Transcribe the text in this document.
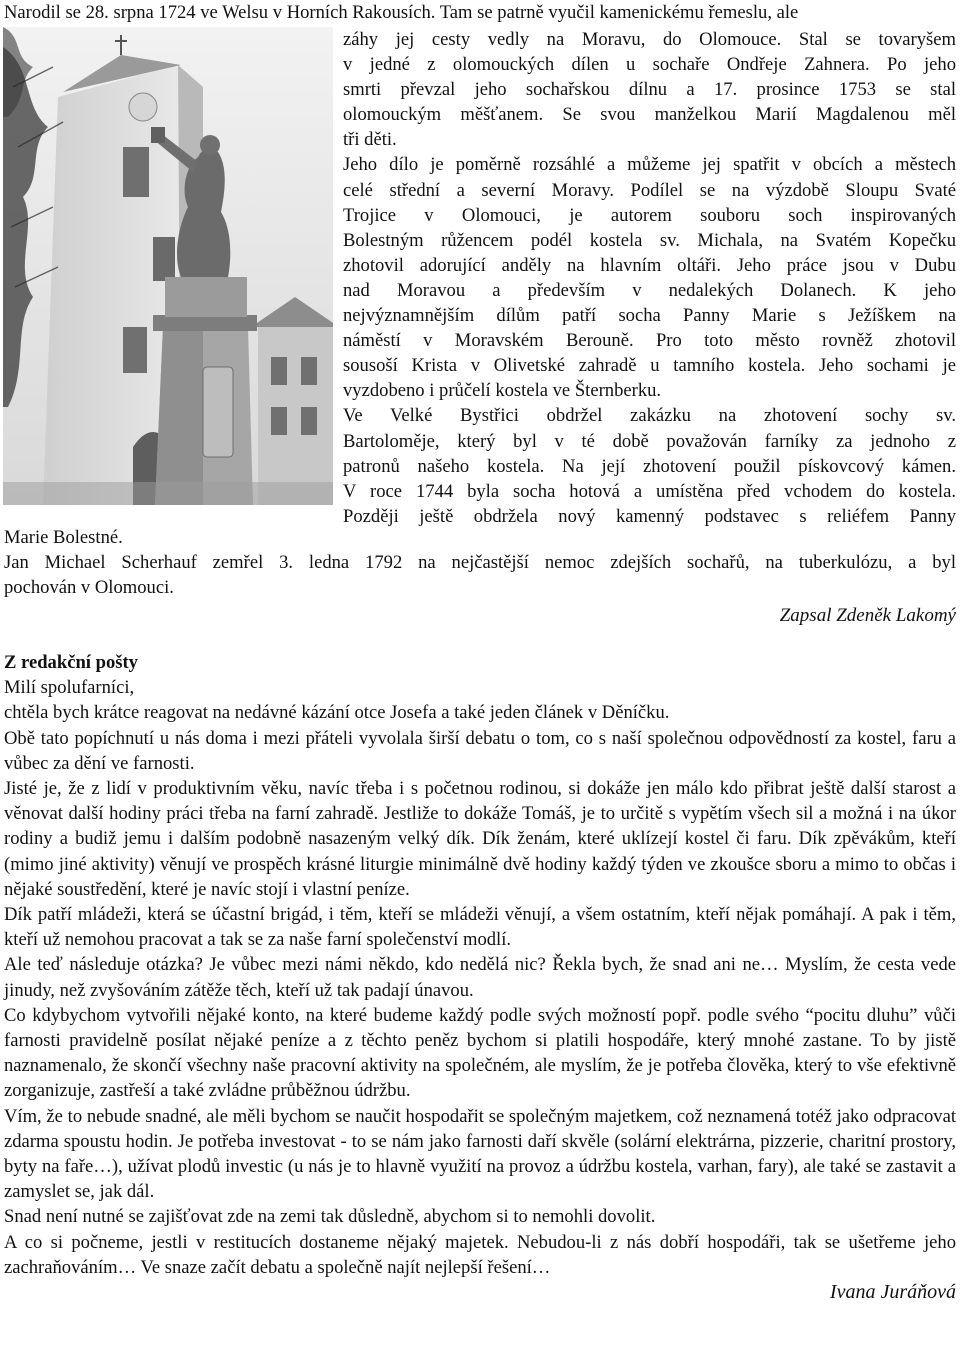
Narodil se 28. srpna 1724 ve Welsu v Horních Rakousích. Tam se patrně vyučil kamenickému řemeslu, ale

záhy jej cesty vedly na Moravu, do Olomouce. Stal se tovaryšem

v jedné z olomouckých dílen u sochaře Ondřeje Zahnera. Po jeho

smrti převzal jeho sochařskou dílnu a 17. prosince 1753 se stal

olomouckým měšťanem. Se svou manželkou Marií Magdalenou měl

tři děti.

Jeho dílo je poměrně rozsáhlé a můžeme jej spatřit v obcích a městech

celé střední a severní Moravy. Podílel se na výzdobě Sloupu Svaté

Trojice v Olomouci, je autorem souboru soch inspirovaných

Bolestným růžencem podél kostela sv. Michala, na Svatém Kopečku

zhotovil adorující anděly na hlavním oltáři. Jeho práce jsou v Dubu

nad Moravou a především v nedalekých Dolanech. K jeho

nejvýznamnějším dílům patří socha Panny Marie s Ježíškem na

náměstí v Moravském Berouně. Pro toto město rovněž zhotovil

sousoší Krista v Olivetské zahradě u tamního kostela. Jeho sochami je

vyzdobeno i průčelí kostela ve Šternberku.

Ve Velké Bystřici obdržel zakázku na zhotovení sochy sv.

Bartoloměje, který byl v té době považován farníky za jednoho z

patronů našeho kostela. Na její zhotovení použil pískovcový kámen.

V roce 1744 byla socha hotová a umístěna před vchodem do kostela.

Později ještě obdržela nový kamenný podstavec s reliéfem Panny

Marie Bolestné.

Jan Michael Scherhauf zemřel 3. ledna 1792 na nejčastější nemoc zdejších sochařů, na tuberkulózu, a byl

pochován v Olomouci.

Zapsal Zdeněk Lakomý

Z redakční pošty

Milí spolufarníci,

chtěla bych krátce reagovat na nedávné kázání otce Josefa a také jeden článek v Děníčku.

Obě tato popíchnutí u nás doma i mezi přáteli vyvolala širší debatu o tom, co s naší společnou odpovědností za kostel, faru a vůbec za dění ve farnosti.

Jisté je, že z lidí v produktivním věku, navíc třeba i s početnou rodinou, si dokáže jen málo kdo přibrat ještě další starost a věnovat další hodiny práci třeba na farní zahradě. Jestliže to dokáže Tomáš, je to určitě s vypětím všech sil a možná i na úkor rodiny a budiž jemu i dalším podobně nasazeným velký dík. Dík ženám, které uklízejí kostel či faru. Dík zpěvákům, kteří (mimo jiné aktivity) věnují ve prospěch krásné liturgie minimálně dvě hodiny každý týden ve zkoušce sboru a mimo to občas i nějaké soustředění, které je navíc stojí i vlastní peníze.

Dík patří mládeži, která se účastní brigád, i těm, kteří se mládeži věnují, a všem ostatním, kteří nějak pomáhají. A pak i těm, kteří už nemohou pracovat a tak se za naše farní společenství modlí.

Ale teď následuje otázka? Je vůbec mezi námi někdo, kdo nedělá nic? Řekla bych, že snad ani ne… Myslím, že cesta vede jinudy, než zvyšováním zátěže těch, kteří už tak padají únavou.

Co kdybychom vytvořili nějaké konto, na které budeme každý podle svých možností popř. podle svého “pocitu dluhu” vůči farnosti pravidelně posílat nějaké peníze a z těchto peněz bychom si platili hospodáře, který mnohé zastane. To by jistě naznamenalo, že skončí všechny naše pracovní aktivity na společném, ale myslím, že je potřeba člověka, který to vše efektivně zorganizuje, zastřeší a také zvládne průběžnou údržbu.

Vím, že to nebude snadné, ale měli bychom se naučit hospodařit se společným majetkem, což neznamená totéž jako odpracovat zdarma spoustu hodin. Je potřeba investovat - to se nám jako farnosti daří skvěle (solární elektrárna, pizzerie, charitní prostory, byty na faře…), užívat plodů investic (u nás je to hlavně využití na provoz a údržbu kostela, varhan, fary), ale také se zastavit a zamyslet se, jak dál.

Snad není nutné se zajišťovat zde na zemi tak důsledně, abychom si to nemohli dovolit.

A co si počneme, jestli v restitucích dostaneme nějaký majetek. Nebudou-li z nás dobří hospodáři, tak se ušetřeme jeho zachraňováním… Ve snaze začít debatu a společně najít nejlepší řešení…

Ivana Juráňová
